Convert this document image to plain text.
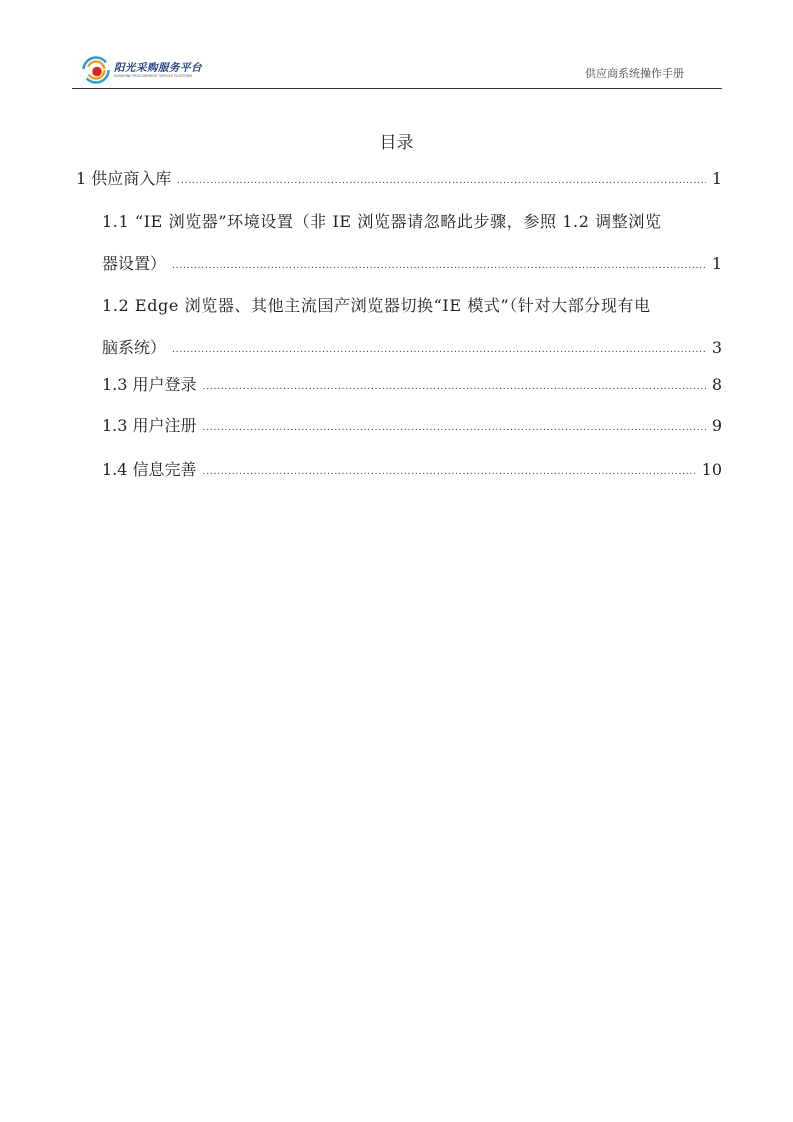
阳光采购服务平台
SUNSHINE PROCUREMENT SERVICE PLATFORM	供应商系统操作手册
目录
1 供应商入库 .....	1
1.1 “IE 浏览器”环境设置（非 IE 浏览器请忽略此步骤，参照 1.2 调整浏览
器设置） .....	1
1.2 Edge 浏览器、其他主流国产浏览器切换“IE 模式”（针对大部分现有电
脑系统） .....	3
1.3 用户登录 .....	8
1.3 用户注册 .....	9
1.4 信息完善 .....	10
